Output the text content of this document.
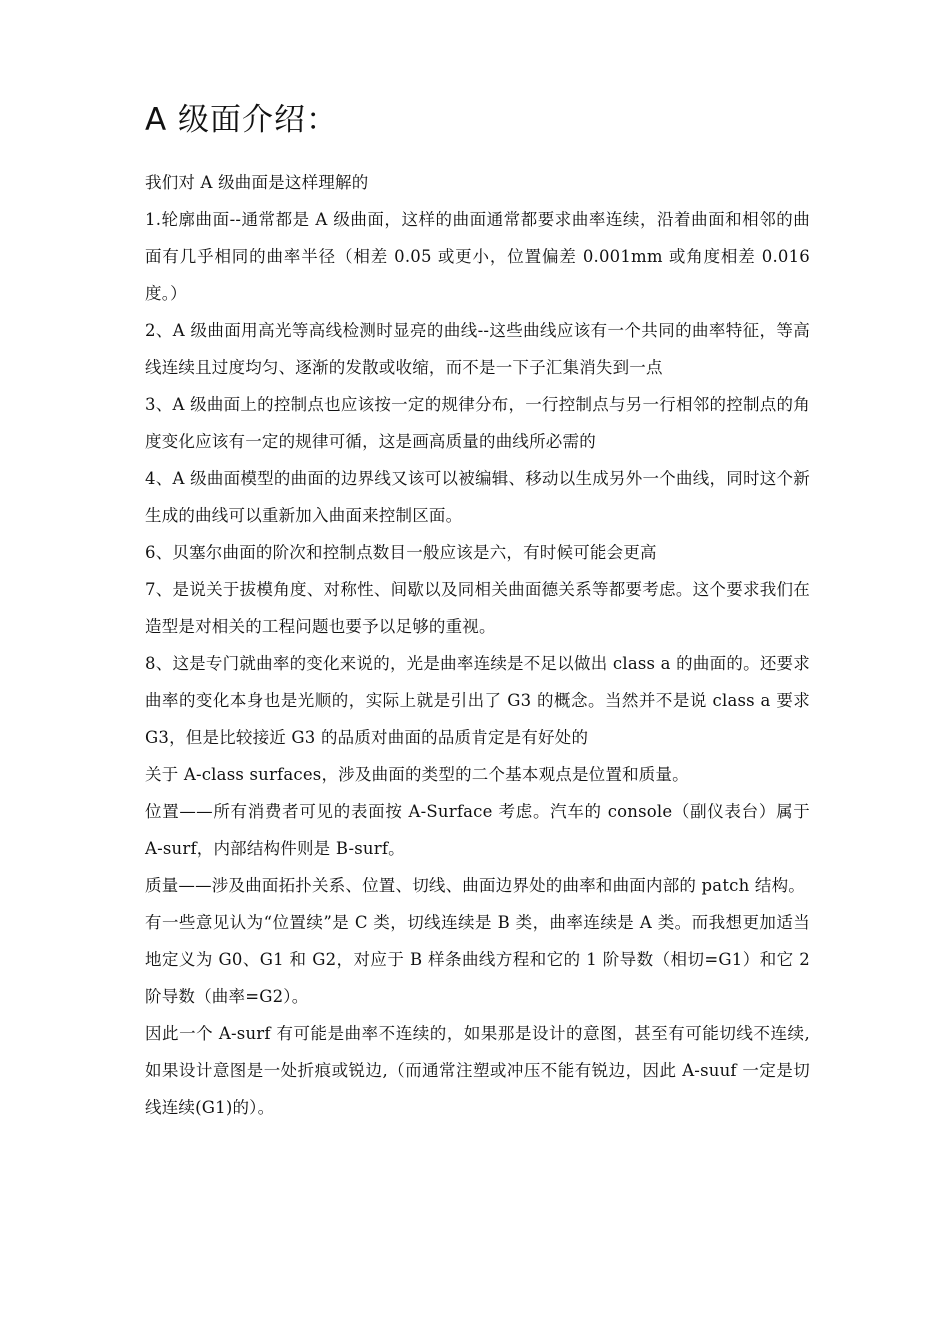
A 级面介绍：

我们对 A 级曲面是这样理解的

1.轮廓曲面--通常都是 A 级曲面，这样的曲面通常都要求曲率连续，沿着曲面和相邻的曲面有几乎相同的曲率半径（相差 0.05 或更小，位置偏差 0.001mm 或角度相差 0.016 度。）

2、A 级曲面用高光等高线检测时显亮的曲线--这些曲线应该有一个共同的曲率特征，等高线连续且过度均匀、逐渐的发散或收缩，而不是一下子汇集消失到一点

3、A 级曲面上的控制点也应该按一定的规律分布，一行控制点与另一行相邻的控制点的角度变化应该有一定的规律可循，这是画高质量的曲线所必需的

4、A 级曲面模型的曲面的边界线又该可以被编辑、移动以生成另外一个曲线，同时这个新生成的曲线可以重新加入曲面来控制区面。

6、贝塞尔曲面的阶次和控制点数目一般应该是六，有时候可能会更高

7、是说关于拔模角度、对称性、间歇以及同相关曲面德关系等都要考虑。这个要求我们在造型是对相关的工程问题也要予以足够的重视。

8、这是专门就曲率的变化来说的，光是曲率连续是不足以做出 class a 的曲面的。还要求曲率的变化本身也是光顺的，实际上就是引出了 G3 的概念。当然并不是说 class a 要求 G3，但是比较接近 G3 的品质对曲面的品质肯定是有好处的

关于 A-class surfaces，涉及曲面的类型的二个基本观点是位置和质量。

位置——所有消费者可见的表面按 A-Surface 考虑。汽车的 console（副仪表台）属于 A-surf，内部结构件则是 B-surf。

质量——涉及曲面拓扑关系、位置、切线、曲面边界处的曲率和曲面内部的 patch 结构。

有一些意见认为“位置续”是 C 类，切线连续是 B 类，曲率连续是 A 类。而我想更加适当地定义为 G0、G1 和 G2，对应于 B 样条曲线方程和它的 1 阶导数（相切=G1）和它 2 阶导数（曲率=G2）。

因此一个 A-surf 有可能是曲率不连续的，如果那是设计的意图，甚至有可能切线不连续,如果设计意图是一处折痕或锐边,（而通常注塑或冲压不能有锐边，因此 A-suuf 一定是切线连续(G1)的）。
